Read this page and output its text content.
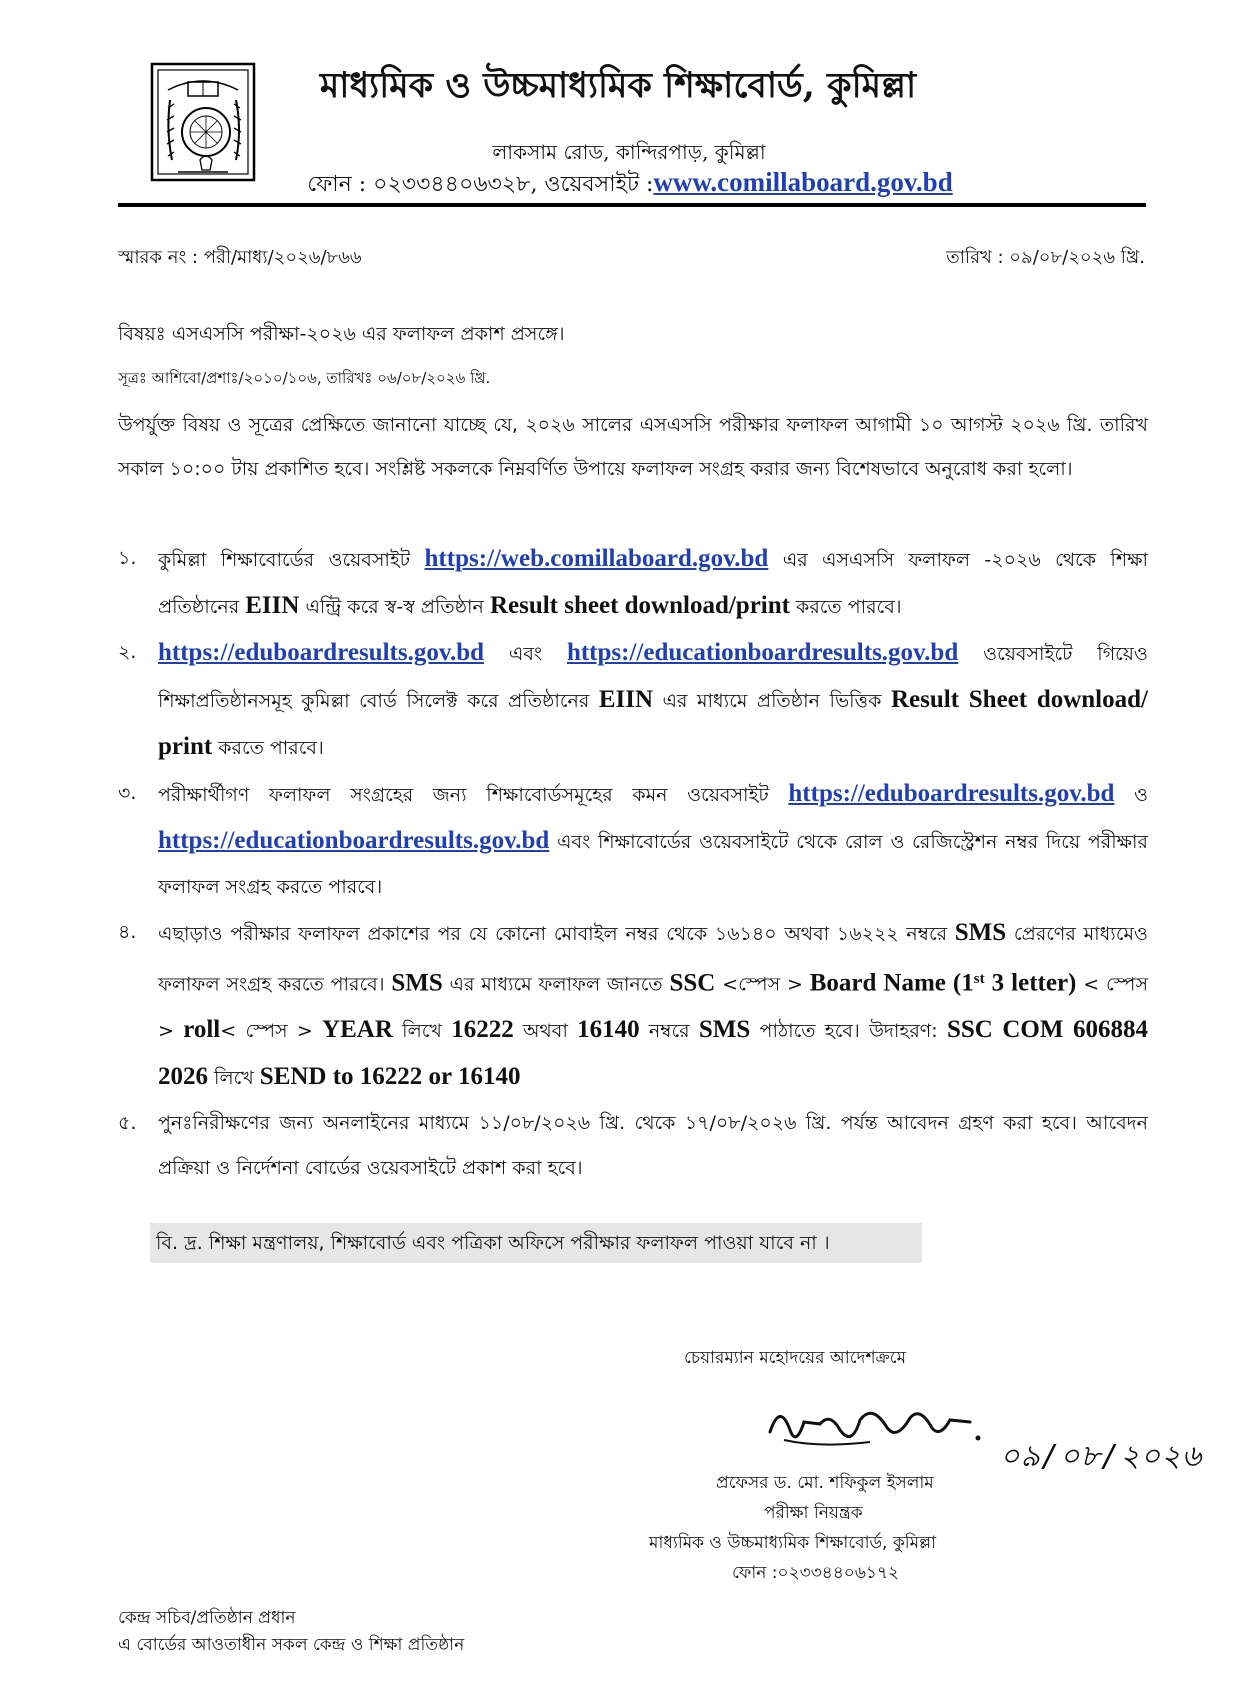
মাধ্যমিক ও উচ্চমাধ্যমিক শিক্ষাবোর্ড, কুমিল্লা
লাকসাম রোড, কান্দিরপাড়, কুমিল্লা
ফোন : ০২৩৩৪৪০৬৩২৮, ওয়েবসাইট :www.comillaboard.gov.bd
স্মারক নং : পরী/মাধ্য/২০২৬/৮৬৬	তারিখ : ০৯/০৮/২০২৬ খ্রি.
বিষয়ঃ এসএসসি পরীক্ষা-২০২৬ এর ফলাফল প্রকাশ প্রসঙ্গে।
সূত্রঃ আশিবো/প্রশাঃ/২০১০/১০৬, তারিখঃ ০৬/০৮/২০২৬ খ্রি.
উপর্যুক্ত বিষয় ও সূত্রের প্রেক্ষিতে জানানো যাচ্ছে যে, ২০২৬ সালের এসএসসি পরীক্ষার ফলাফল আগামী ১০ আগস্ট ২০২৬ খ্রি. তারিখ সকাল ১০:০০ টায় প্রকাশিত হবে। সংশ্লিষ্ট সকলকে নিম্নবর্ণিত উপায়ে ফলাফল সংগ্রহ করার জন্য বিশেষভাবে অনুরোধ করা হলো।
১. কুমিল্লা শিক্ষাবোর্ডের ওয়েবসাইট https://web.comillaboard.gov.bd এর এসএসসি ফলাফল -২০২৬ থেকে শিক্ষা প্রতিষ্ঠানের EIIN এন্ট্রি করে স্ব-স্ব প্রতিষ্ঠান Result sheet download/print করতে পারবে।
২. https://eduboardresults.gov.bd এবং https://educationboardresults.gov.bd ওয়েবসাইটে গিয়েও শিক্ষাপ্রতিষ্ঠানসমূহ কুমিল্লা বোর্ড সিলেক্ট করে প্রতিষ্ঠানের EIIN এর মাধ্যমে প্রতিষ্ঠান ভিত্তিক Result Sheet download/ print করতে পারবে।
৩. পরীক্ষার্থীগণ ফলাফল সংগ্রহের জন্য শিক্ষাবোর্ডসমূহের কমন ওয়েবসাইট https://eduboardresults.gov.bd ও https://educationboardresults.gov.bd এবং শিক্ষাবোর্ডের ওয়েবসাইটে থেকে রোল ও রেজিস্ট্রেশন নম্বর দিয়ে পরীক্ষার ফলাফল সংগ্রহ করতে পারবে।
৪. এছাড়াও পরীক্ষার ফলাফল প্রকাশের পর যে কোনো মোবাইল নম্বর থেকে ১৬১৪০ অথবা ১৬২২২ নম্বরে SMS প্রেরণের মাধ্যমেও ফলাফল সংগ্রহ করতে পারবে। SMS এর মাধ্যমে ফলাফল জানতে SSC <স্পেস > Board Name (1st 3 letter) < স্পেস > roll< স্পেস > YEAR লিখে 16222 অথবা 16140 নম্বরে SMS পাঠাতে হবে। উদাহরণ: SSC COM 606884 2026 লিখে SEND to 16222 or 16140
৫. পুনঃনিরীক্ষণের জন্য অনলাইনের মাধ্যমে ১১/০৮/২০২৬ খ্রি. থেকে ১৭/০৮/২০২৬ খ্রি. পর্যন্ত আবেদন গ্রহণ করা হবে। আবেদন প্রক্রিয়া ও নির্দেশনা বোর্ডের ওয়েবসাইটে প্রকাশ করা হবে।
বি. দ্র. শিক্ষা মন্ত্রণালয়, শিক্ষাবোর্ড এবং পত্রিকা অফিসে পরীক্ষার ফলাফল পাওয়া যাবে না ।
চেয়ারম্যান মহোদয়ের আদেশক্রমে
০৯/০৮/২০২৬
প্রফেসর ড. মো. শফিকুল ইসলাম
পরীক্ষা নিয়ন্ত্রক
মাধ্যমিক ও উচ্চমাধ্যমিক শিক্ষাবোর্ড, কুমিল্লা
ফোন :০২৩৩৪৪০৬১৭২
কেন্দ্র সচিব/প্রতিষ্ঠান প্রধান
এ বোর্ডের আওতাধীন সকল কেন্দ্র ও শিক্ষা প্রতিষ্ঠান
